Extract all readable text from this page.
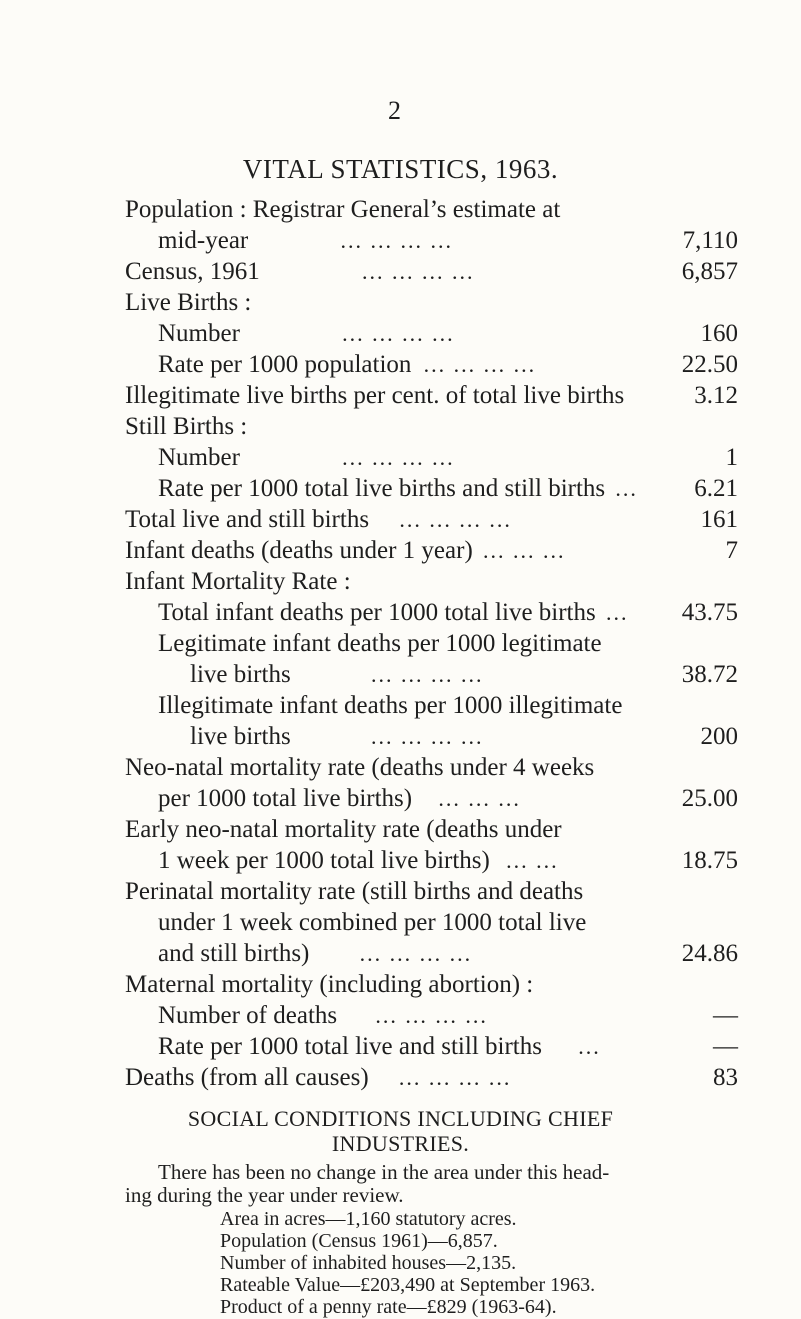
2
VITAL STATISTICS, 1963.
Population : Registrar General’s estimate at
mid-year	... ... ... ...	7,110
Census, 1961	... ... ... ...	6,857
Live Births :
Number	... ... ... ...	160
Rate per 1000 population ... ... ... ...	22.50
Illegitimate live births per cent. of total live births	3.12
Still Births :
Number	... ... ... ...	1
Rate per 1000 total live births and still births ... 6.21
Total live and still births ... ... ... ...	161
Infant deaths (deaths under 1 year) ... ... ...	7
Infant Mortality Rate :
Total infant deaths per 1000 total live births ... 43.75
Legitimate infant deaths per 1000 legitimate
live births	... ... ... ...	38.72
Illegitimate infant deaths per 1000 illegitimate
live births	... ... ... ...	200
Neo-natal mortality rate (deaths under 4 weeks
per 1000 total live births) ... ... ...	25.00
Early neo-natal mortality rate (deaths under
1 week per 1000 total live births) ... ...	18.75
Perinatal mortality rate (still births and deaths
under 1 week combined per 1000 total live
and still births) ... ... ... ...	24.86
Maternal mortality (including abortion) :
Number of deaths ... ... ... ...	—
Rate per 1000 total live and still births ...	—
Deaths (from all causes) ... ... ... ...	83
SOCIAL CONDITIONS INCLUDING CHIEF
INDUSTRIES.
There has been no change in the area under this head-
ing during the year under review.
Area in acres—1,160 statutory acres.
Population (Census 1961)—6,857.
Number of inhabited houses—2,135.
Rateable Value—£203,490 at September 1963.
Product of a penny rate—£829 (1963-64).
